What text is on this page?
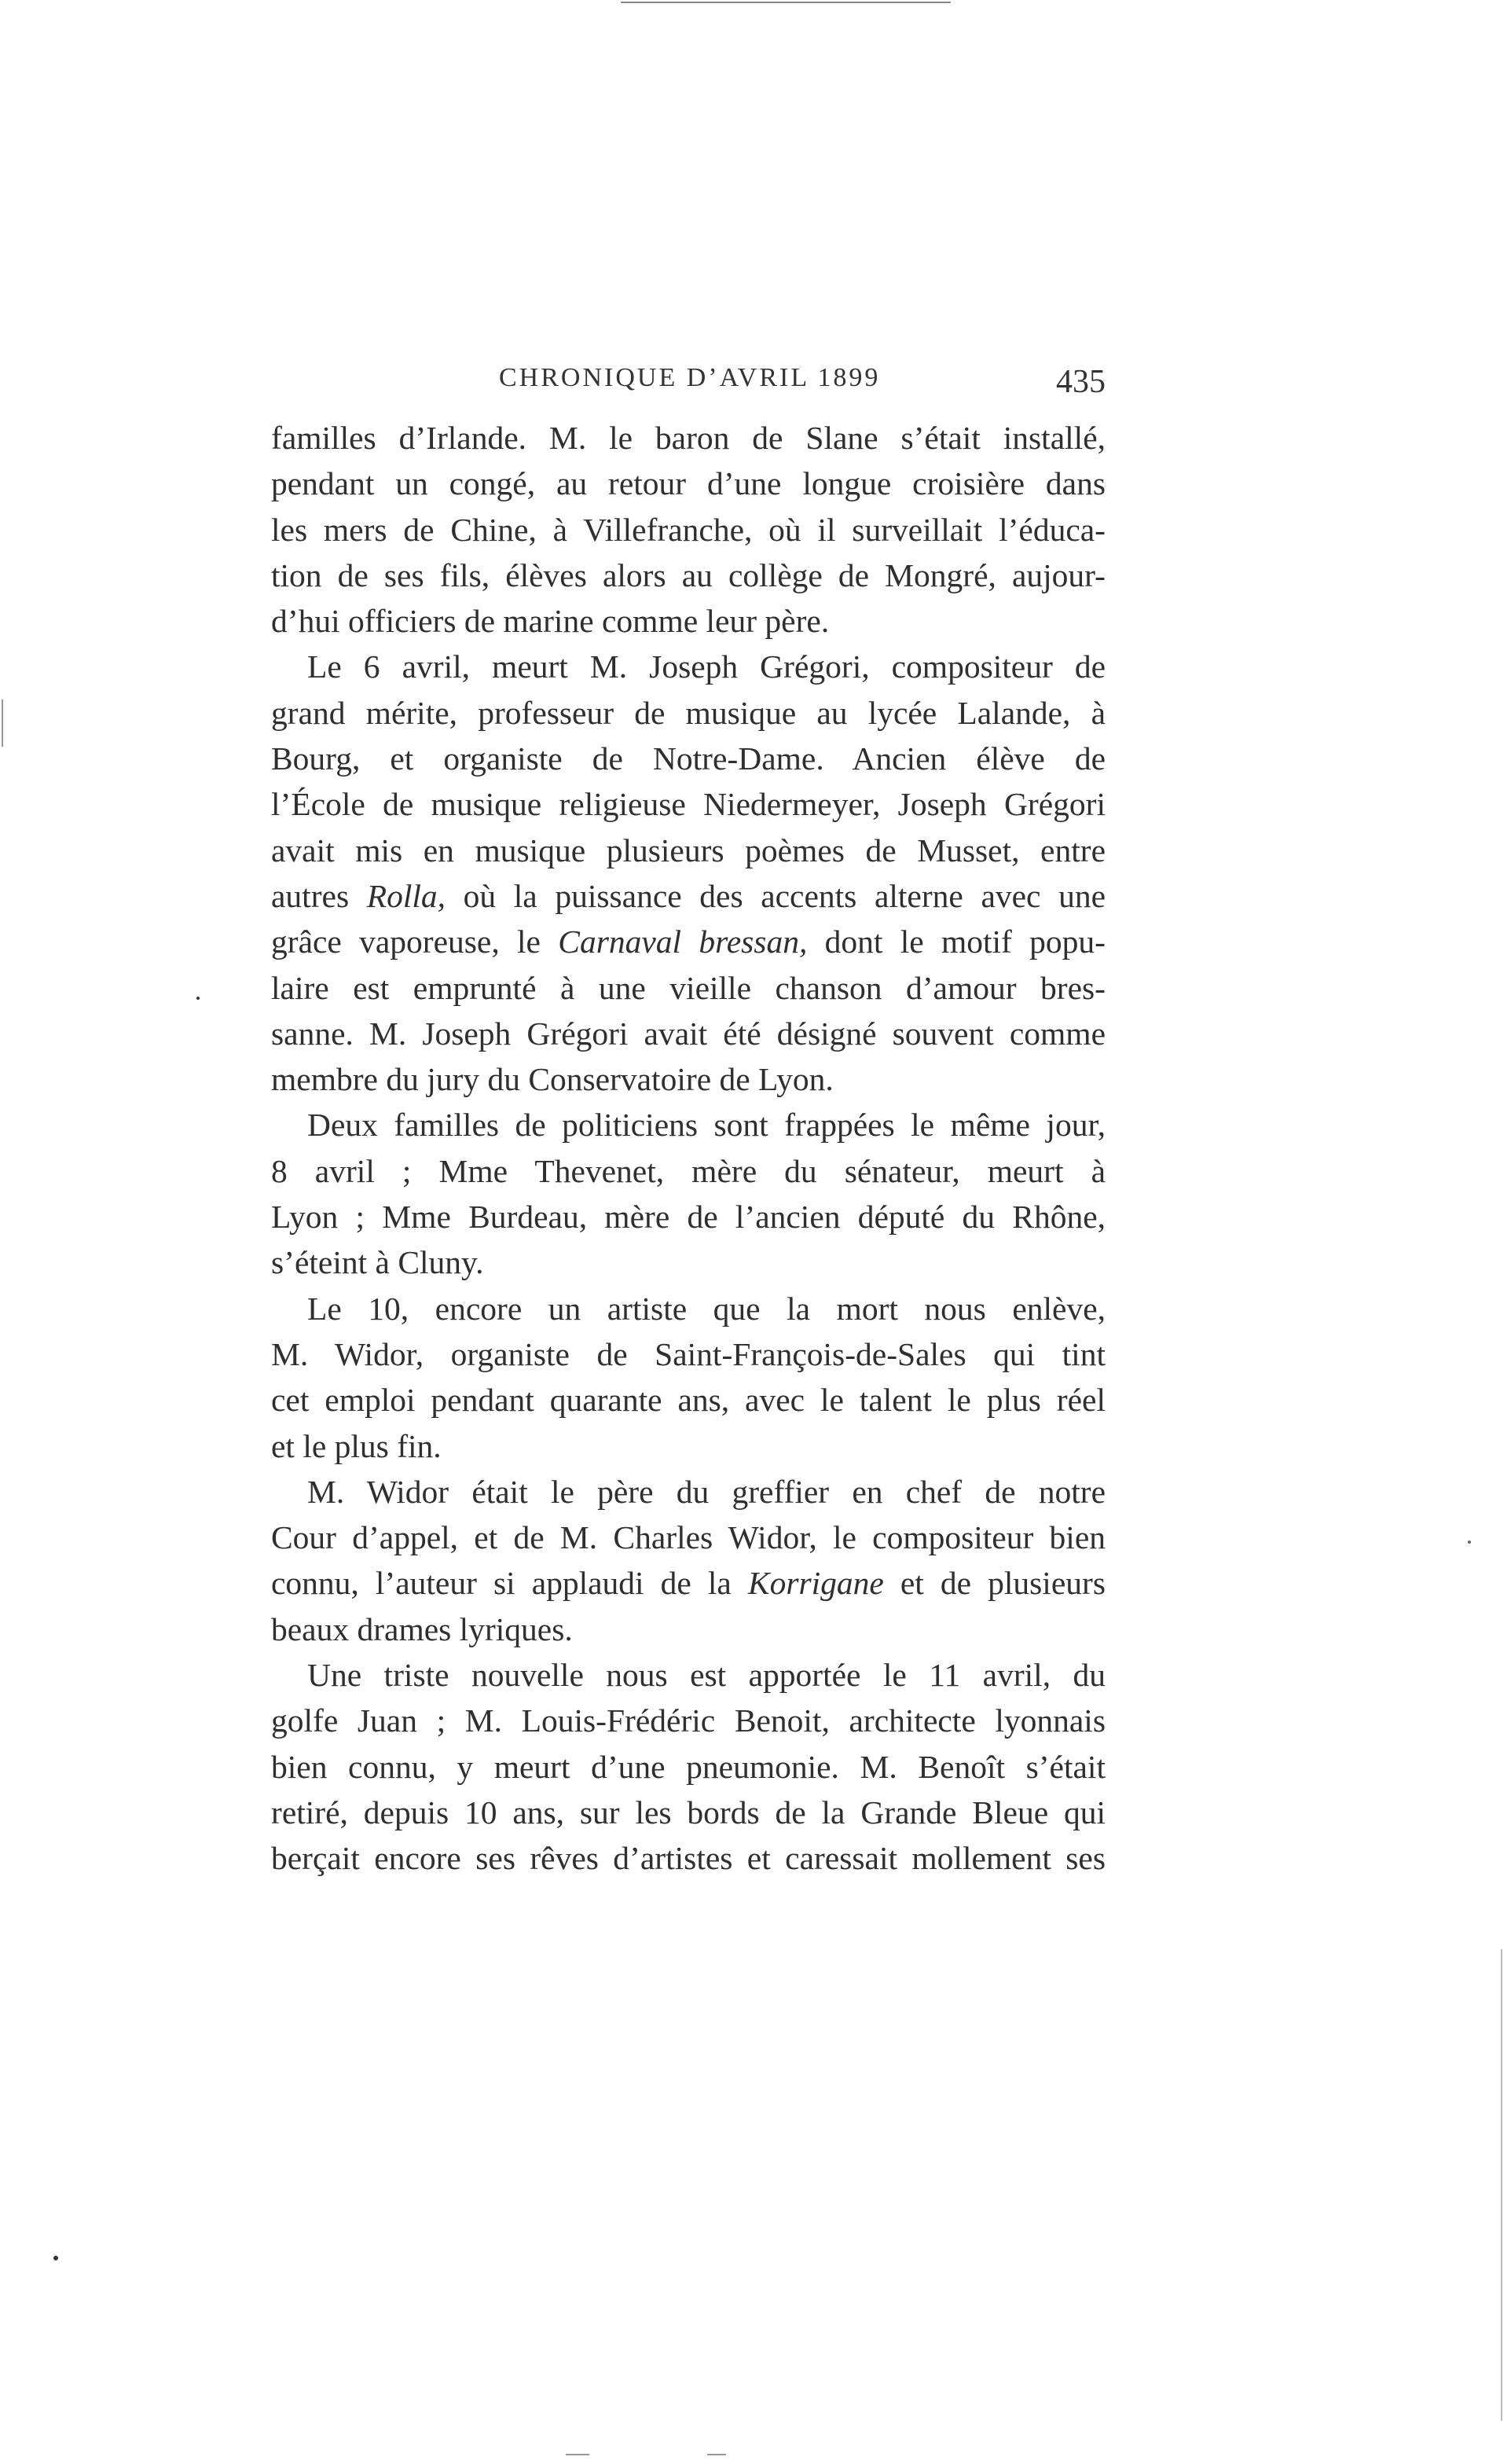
CHRONIQUE D’AVRIL 1899	435
familles d’Irlande. M. le baron de Slane s’était installé,
pendant un congé, au retour d’une longue croisière dans
les mers de Chine, à Villefranche, où il surveillait l’éduca-
tion de ses fils, élèves alors au collège de Mongré, aujour-
d’hui officiers de marine comme leur père.
Le 6 avril, meurt M. Joseph Grégori, compositeur de
grand mérite, professeur de musique au lycée Lalande, à
Bourg, et organiste de Notre-Dame. Ancien élève de
l’École de musique religieuse Niedermeyer, Joseph Grégori
avait mis en musique plusieurs poèmes de Musset, entre
autres Rolla, où la puissance des accents alterne avec une
grâce vaporeuse, le Carnaval bressan, dont le motif popu-
laire est emprunté à une vieille chanson d’amour bres-
sanne. M. Joseph Grégori avait été désigné souvent comme
membre du jury du Conservatoire de Lyon.
Deux familles de politiciens sont frappées le même jour,
8 avril ; Mme Thevenet, mère du sénateur, meurt à
Lyon ; Mme Burdeau, mère de l’ancien député du Rhône,
s’éteint à Cluny.
Le 10, encore un artiste que la mort nous enlève,
M. Widor, organiste de Saint-François-de-Sales qui tint
cet emploi pendant quarante ans, avec le talent le plus réel
et le plus fin.
M. Widor était le père du greffier en chef de notre
Cour d’appel, et de M. Charles Widor, le compositeur bien
connu, l’auteur si applaudi de la Korrigane et de plusieurs
beaux drames lyriques.
Une triste nouvelle nous est apportée le 11 avril, du
golfe Juan ; M. Louis-Frédéric Benoit, architecte lyonnais
bien connu, y meurt d’une pneumonie. M. Benoît s’était
retiré, depuis 10 ans, sur les bords de la Grande Bleue qui
berçait encore ses rêves d’artistes et caressait mollement ses
